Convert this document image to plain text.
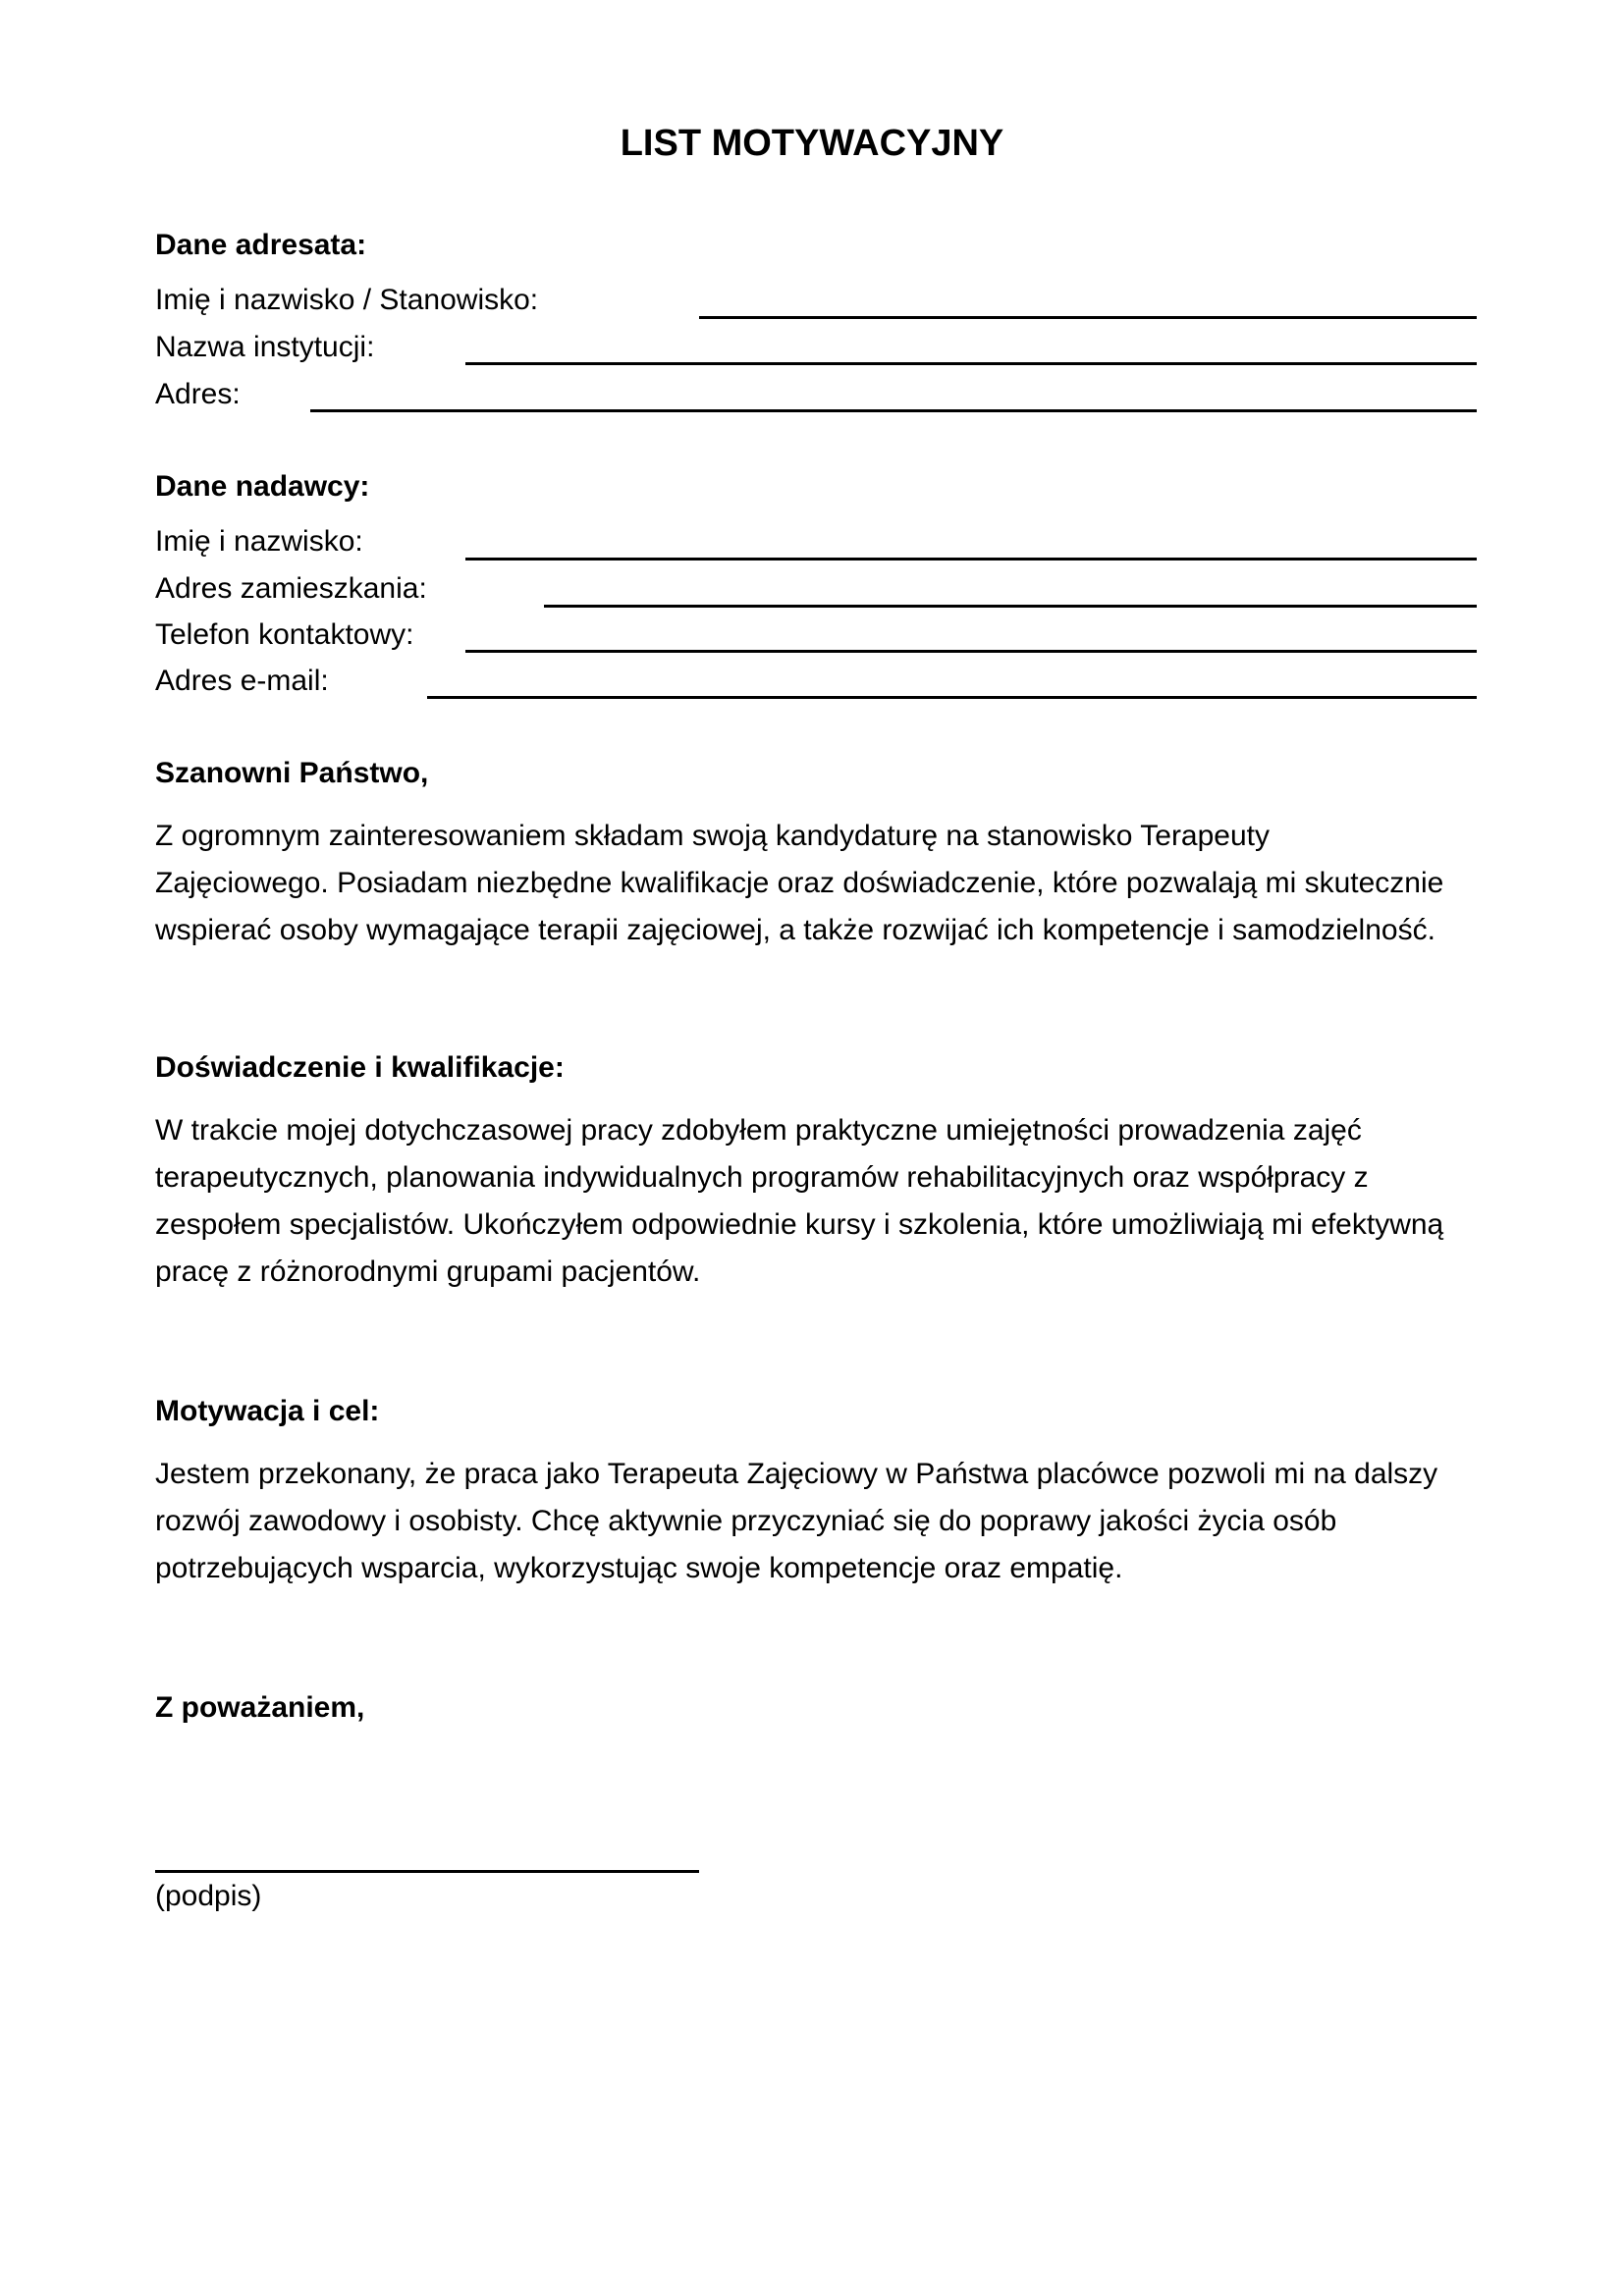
LIST MOTYWACYJNY
Dane adresata:
Imię i nazwisko / Stanowisko:
Nazwa instytucji:
Adres:
Dane nadawcy:
Imię i nazwisko:
Adres zamieszkania:
Telefon kontaktowy:
Adres e-mail:
Szanowni Państwo,
Z ogromnym zainteresowaniem składam swoją kandydaturę na stanowisko Terapeuty
Zajęciowego. Posiadam niezbędne kwalifikacje oraz doświadczenie, które pozwalają mi skutecznie
wspierać osoby wymagające terapii zajęciowej, a także rozwijać ich kompetencje i samodzielność.
Doświadczenie i kwalifikacje:
W trakcie mojej dotychczasowej pracy zdobyłem praktyczne umiejętności prowadzenia zajęć
terapeutycznych, planowania indywidualnych programów rehabilitacyjnych oraz współpracy z
zespołem specjalistów. Ukończyłem odpowiednie kursy i szkolenia, które umożliwiają mi efektywną
pracę z różnorodnymi grupami pacjentów.
Motywacja i cel:
Jestem przekonany, że praca jako Terapeuta Zajęciowy w Państwa placówce pozwoli mi na dalszy
rozwój zawodowy i osobisty. Chcę aktywnie przyczyniać się do poprawy jakości życia osób
potrzebujących wsparcia, wykorzystując swoje kompetencje oraz empatię.
Z poważaniem,
(podpis)
